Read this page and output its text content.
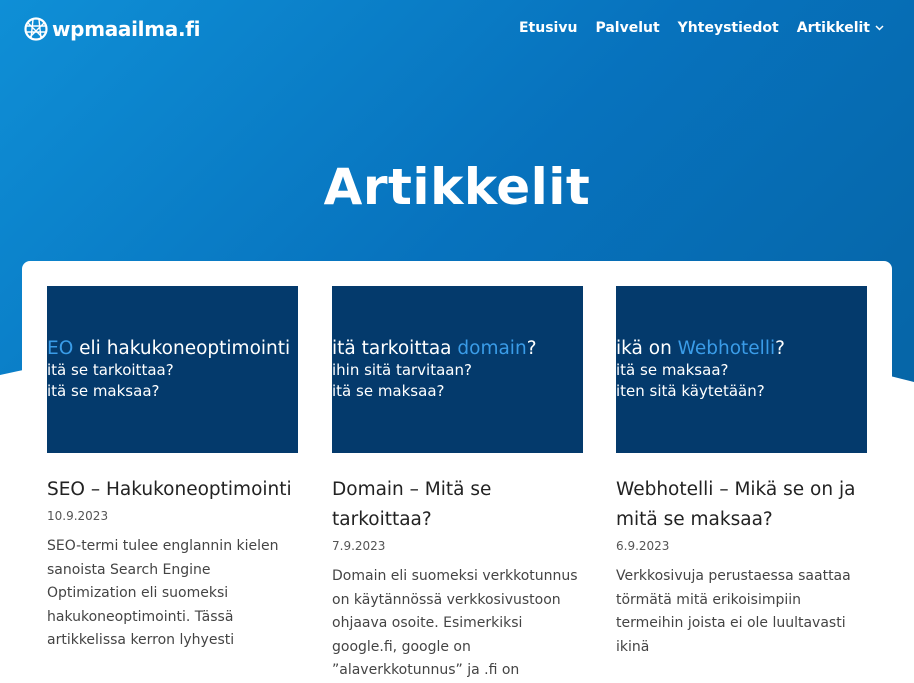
wpmaailma.fi	Etusivu Palvelut Yhteystiedot Artikkelit
Artikkelit
EO eli hakukoneoptimointi
itä se tarkoittaa?
itä se maksaa?
SEO – Hakukoneoptimointi
10.9.2023
SEO-termi tulee englannin kielen sanoista Search Engine Optimization eli suomeksi hakukoneoptimointi. Tässä artikkelissa kerron lyhyesti
itä tarkoittaa domain?
ihin sitä tarvitaan?
itä se maksaa?
Domain – Mitä se tarkoittaa?
7.9.2023
Domain eli suomeksi verkkotunnus on käytännössä verkkosivustoon ohjaava osoite. Esimerkiksi google.fi, google on ”alaverkkotunnus” ja .fi on
ikä on Webhotelli?
itä se maksaa?
iten sitä käytetään?
Webhotelli – Mikä se on ja mitä se maksaa?
6.9.2023
Verkkosivuja perustaessa saattaa törmätä mitä erikoisimpiin termeihin joista ei ole luultavasti ikinä
